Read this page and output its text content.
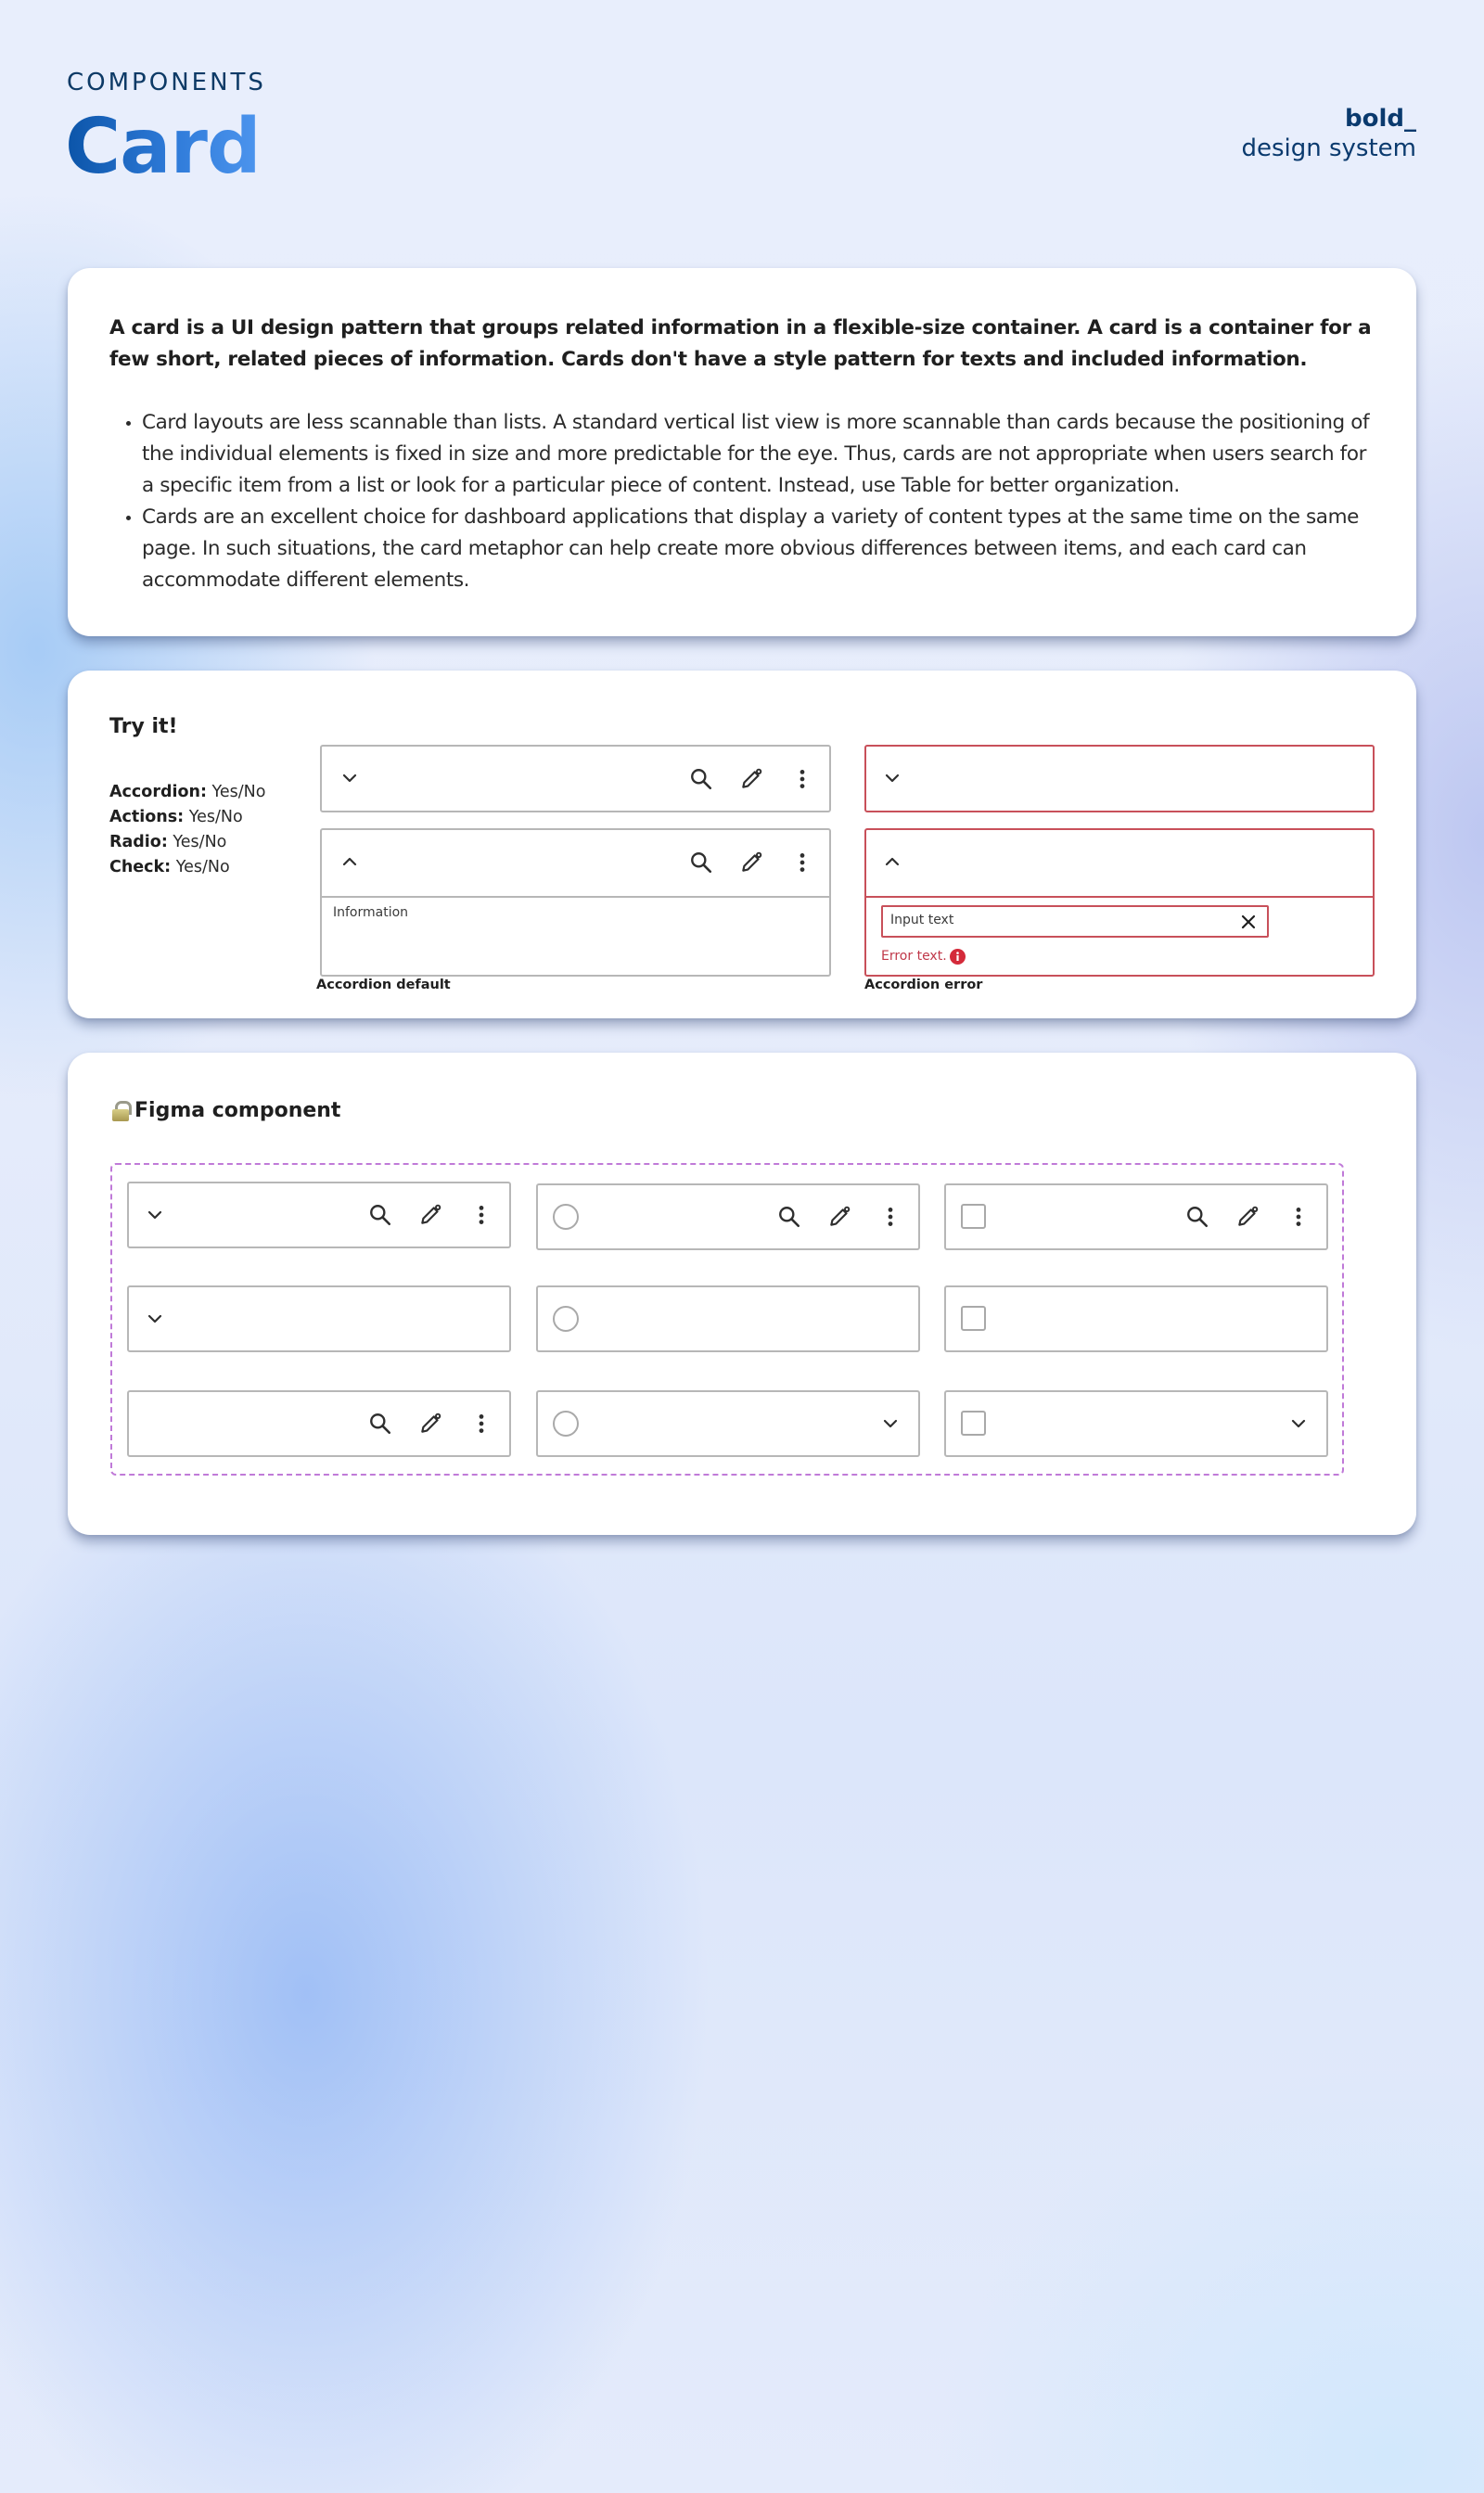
COMPONENTS
Card	bold_
design system

A card is a UI design pattern that groups related information in a flexible-size container. A card is a container for a few short, related pieces of information. Cards don't have a style pattern for texts and included information.

• Card layouts are less scannable than lists. A standard vertical list view is more scannable than cards because the positioning of the individual elements is fixed in size and more predictable for the eye. Thus, cards are not appropriate when users search for a specific item from a list or look for a particular piece of content. Instead, use Table for better organization.
• Cards are an excellent choice for dashboard applications that display a variety of content types at the same time on the same page. In such situations, the card metaphor can help create more obvious differences between items, and each card can accommodate different elements.
Try it!
Accordion: Yes/No
Actions: Yes/No
Radio: Yes/No
Check: Yes/No
Information
Accordion default
Input text
Error text.
Accordion error
Figma component
